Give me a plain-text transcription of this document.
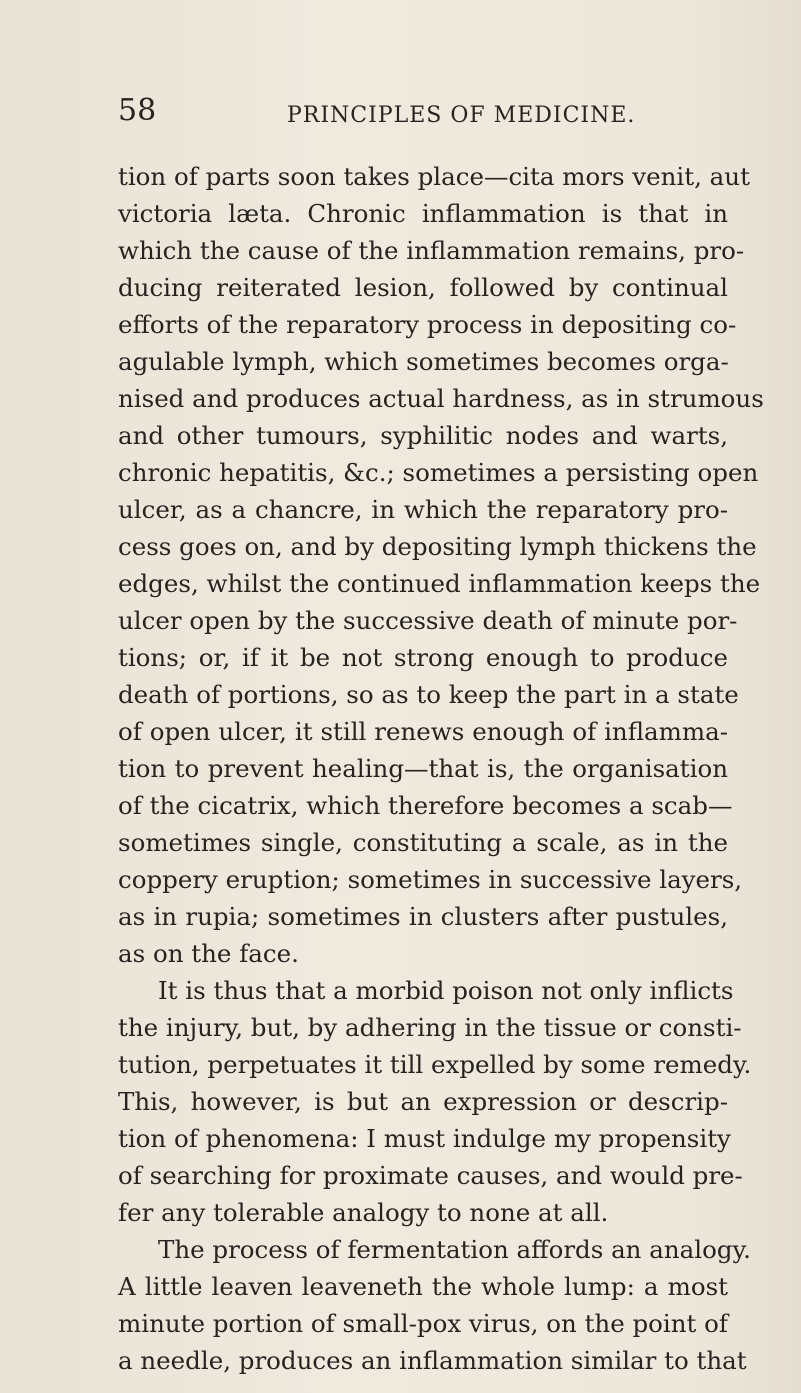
58	PRINCIPLES OF MEDICINE.
tion of parts soon takes place—cita mors venit, aut
victoria læta. Chronic inflammation is that in
which the cause of the inflammation remains, pro-
ducing reiterated lesion, followed by continual
efforts of the reparatory process in depositing co-
agulable lymph, which sometimes becomes orga-
nised and produces actual hardness, as in strumous
and other tumours, syphilitic nodes and warts,
chronic hepatitis, &c.; sometimes a persisting open
ulcer, as a chancre, in which the reparatory pro-
cess goes on, and by depositing lymph thickens the
edges, whilst the continued inflammation keeps the
ulcer open by the successive death of minute por-
tions; or, if it be not strong enough to produce
death of portions, so as to keep the part in a state
of open ulcer, it still renews enough of inflamma-
tion to prevent healing—that is, the organisation
of the cicatrix, which therefore becomes a scab—
sometimes single, constituting a scale, as in the
coppery eruption; sometimes in successive layers,
as in rupia; sometimes in clusters after pustules,
as on the face.
It is thus that a morbid poison not only inflicts
the injury, but, by adhering in the tissue or consti-
tution, perpetuates it till expelled by some remedy.
This, however, is but an expression or descrip-
tion of phenomena: I must indulge my propensity
of searching for proximate causes, and would pre-
fer any tolerable analogy to none at all.
The process of fermentation affords an analogy.
A little leaven leaveneth the whole lump: a most
minute portion of small-pox virus, on the point of
a needle, produces an inflammation similar to that
